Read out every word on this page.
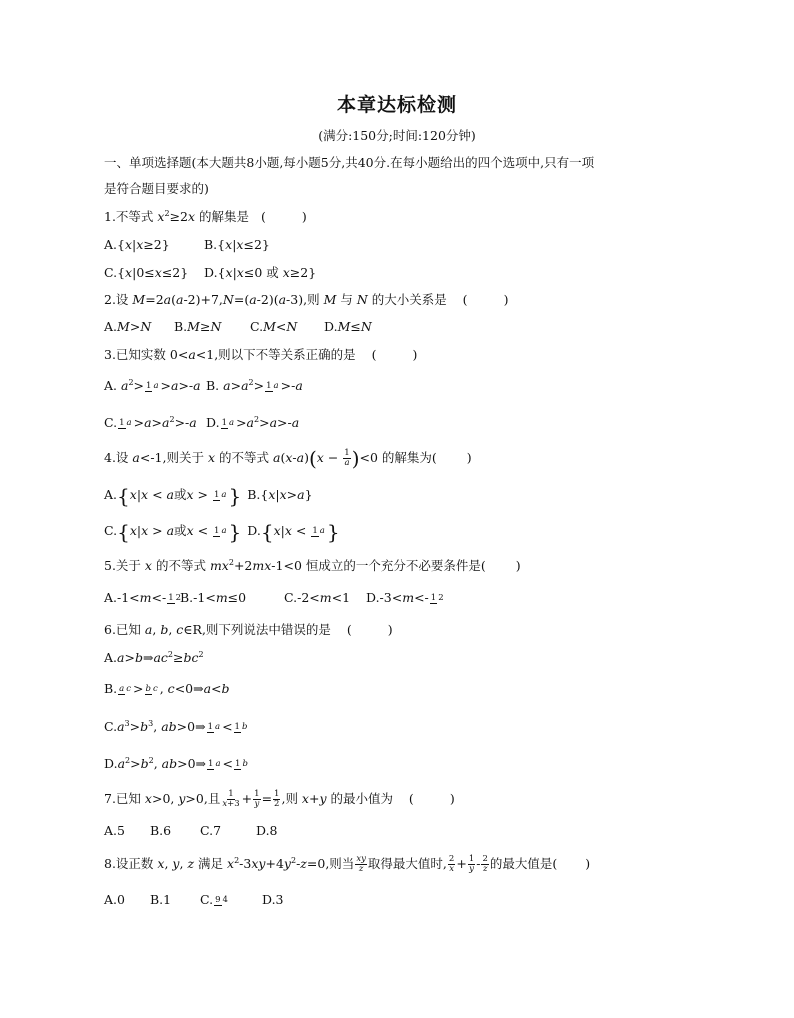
本章达标检测
(满分:150分;时间:120分钟)
一、单项选择题(本大题共8小题,每小题5分,共40分.在每小题给出的四个选项中,只有一项
是符合题目要求的)
1.不等式 $x^2\ge 2x$ 的解集是   (	)
A.{x|x≥2}	B.{x|x≤2}
C.{x|0≤x≤2} D.{x|x≤0 或 x≥2}
2.设 M=2a(a-2)+7,N=(a-2)(a-3),则 M 与 N 的大小关系是    (	)
A.M>N B.M≥N C.M<N D.M≤N
3.已知实数 0<a<1,则以下不等关系正确的是    (	)
A. $a^2> 1$ a >a>-a B. $a>a^2> 1$ a >-a
C. 1 $a >a>a^2>-a$ D. 1 $a >a^2>a>-a$
4.设 a<-1,则关于 x 的不等式 $a(x-a)(x - \frac{1}{a} )<0$ 的解集为( )
A.{x|x < a或x > 1 a } B.{x|x>a}
C.{x|x > a或x < 1 a } D.{x|x < 1 a }
5.关于 x 的不等式 $mx^2+2mx-1<0$ 恒成立的一个充分不必要条件是( )
A.-1<m<- 1 2B.-1<m≤0	C.-2<m<1 D.-3<m<- 1 2
6.已知 a, b, c∈R,则下列说法中错误的是    (	)
$A.a>b\Rightarrow ac^2\ge bc^2$
B. a c > b c , c<0⇒a<b
$C.a^3>b^3$, ab>0⇒ 1 a < 1 b
$D.a^2>b^2$, ab>0⇒ 1 a < 1 b
7.已知 x>0, y>0,且 $\frac{1}{x+3} + \frac{1}{y} = \frac{1}{2}$ ,则 x+y 的最小值为    (	)
A.5 B.6 C.7	D.8
8.设正数 x, y, z 满足 $x^2-3xy+4y^2-z=0$,则当 $\frac{xy}{z}$ 取得最大值时, $\frac{2}{x} + \frac{1}{y} - \frac{2}{z}$ 的最大值是( )
A.0 B.1 C. 9 4	D.3
